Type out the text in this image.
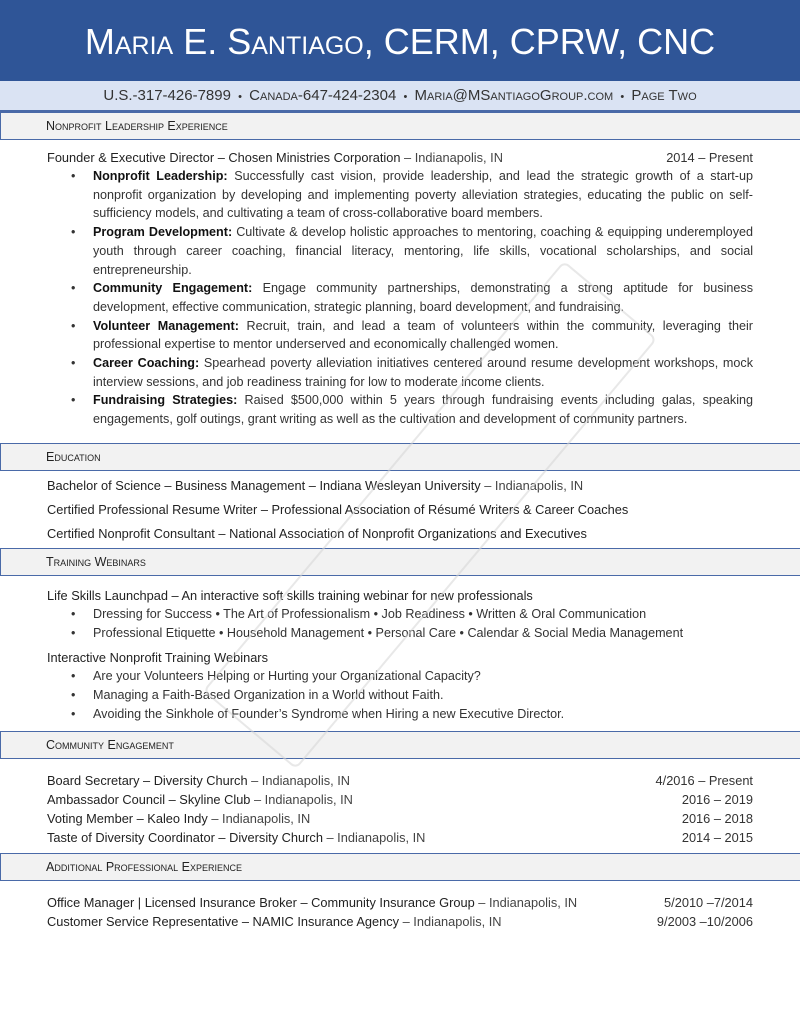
Maria E. Santiago, CERM, CPRW, CNC
U.S.-317-426-7899 • Canada-647-424-2304 • Maria@MSantiagoGroup.com • Page Two
Nonprofit Leadership Experience
Founder & Executive Director – Chosen Ministries Corporation – Indianapolis, IN	2014 – Present
• Nonprofit Leadership: Successfully cast vision, provide leadership, and lead the strategic growth of a start-up nonprofit organization by developing and implementing poverty alleviation strategies, educating the public on self-sufficiency models, and cultivating a team of cross-collaborative board members.
• Program Development: Cultivate & develop holistic approaches to mentoring, coaching & equipping underemployed youth through career coaching, financial literacy, mentoring, life skills, vocational scholarships, and social entrepreneurship.
• Community Engagement: Engage community partnerships, demonstrating a strong aptitude for business development, effective communication, strategic planning, board development, and fundraising.
• Volunteer Management: Recruit, train, and lead a team of volunteers within the community, leveraging their professional expertise to mentor underserved and economically challenged women.
• Career Coaching: Spearhead poverty alleviation initiatives centered around resume development workshops, mock interview sessions, and job readiness training for low to moderate income clients.
• Fundraising Strategies: Raised $500,000 within 5 years through fundraising events including galas, speaking engagements, golf outings, grant writing as well as the cultivation and development of community partners.
Education
Bachelor of Science – Business Management – Indiana Wesleyan University – Indianapolis, IN
Certified Professional Resume Writer – Professional Association of Résumé Writers & Career Coaches
Certified Nonprofit Consultant – National Association of Nonprofit Organizations and Executives
Training Webinars
Life Skills Launchpad – An interactive soft skills training webinar for new professionals
• Dressing for Success • The Art of Professionalism • Job Readiness • Written & Oral Communication
• Professional Etiquette • Household Management • Personal Care • Calendar & Social Media Management
Interactive Nonprofit Training Webinars
• Are your Volunteers Helping or Hurting your Organizational Capacity?
• Managing a Faith-Based Organization in a World without Faith.
• Avoiding the Sinkhole of Founder’s Syndrome when Hiring a new Executive Director.
Community Engagement
Board Secretary – Diversity Church – Indianapolis, IN	4/2016 – Present
Ambassador Council – Skyline Club – Indianapolis, IN	2016 – 2019
Voting Member – Kaleo Indy – Indianapolis, IN	2016 – 2018
Taste of Diversity Coordinator – Diversity Church – Indianapolis, IN	2014 – 2015
Additional Professional Experience
Office Manager | Licensed Insurance Broker – Community Insurance Group – Indianapolis, IN	5/2010 –7/2014
Customer Service Representative – NAMIC Insurance Agency – Indianapolis, IN	9/2003 –10/2006
